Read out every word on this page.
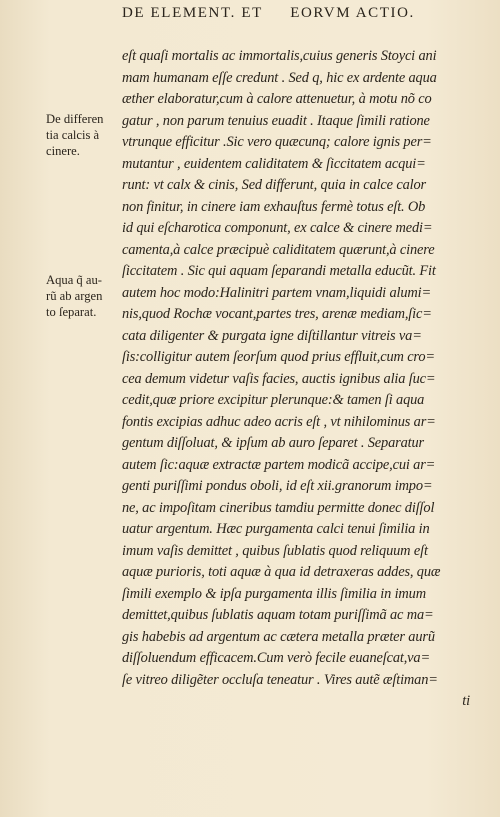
DE ELEMENT. ET EORVM ACTIO.
De differen
tia calcis à
cinere.
Aqua q̃ au-
rũ ab argen
to ſeparat.
eſt quaſi mortalis ac immortalis,cuius generis Stoyci ani
mam humanam eſſe credunt . Sed q, hic ex ardente aqua
æther elaboratur,cum à calore attenuetur, à motu nõ co
gatur , non parum tenuius euadit . Itaque ſimili ratione
vtrunque efficitur .Sic vero quæcunq; calore ignis per=
mutantur , euidentem caliditatem & ſiccitatem acqui=
runt: vt calx & cinis, Sed differunt, quia in calce calor
non finitur, in cinere iam exhauſtus fermè totus eſt. Ob
id qui eſcharotica componunt, ex calce & cinere medi=
camenta,à calce præcipuè caliditatem quærunt,à cinere
ſiccitatem . Sic qui aquam ſeparandi metalla educũt. Fit
autem hoc modo:Halinitri partem vnam,liquidi alumi=
nis,quod Rochæ vocant,partes tres, arenæ mediam,ſic=
cata diligenter & purgata igne diſtillantur vitreis va=
ſis:colligitur autem ſeorſum quod prius effluit,cum cro=
cea demum videtur vaſis facies, auctis ignibus alia ſuc=
cedit,quæ priore excipitur plerunque:& tamen ſi aqua
fontis excipias adhuc adeo acris eſt , vt nihilominus ar=
gentum diſſoluat, & ipſum ab auro ſeparet . Separatur
autem ſic:aquæ extractæ partem modicã accipe,cui ar=
genti puriſſimi pondus oboli, id eſt xii.granorum impo=
ne, ac impoſitam cineribus tamdiu permitte donec diſſol
uatur argentum. Hæc purgamenta calci tenui ſimilia in
imum vaſis demittet , quibus ſublatis quod reliquum eſt
aquæ purioris, toti aquæ à qua id detraxeras addes, quæ
ſimili exemplo & ipſa purgamenta illis ſimilia in imum
demittet,quibus ſublatis aquam totam puriſſimã ac ma=
gis habebis ad argentum ac cætera metalla præter aurũ
diſſoluendum efficacem.Cum verò fecile euaneſcat,va=
ſe vitreo diligẽter occluſa teneatur . Vires autẽ æſtiman=
ti
